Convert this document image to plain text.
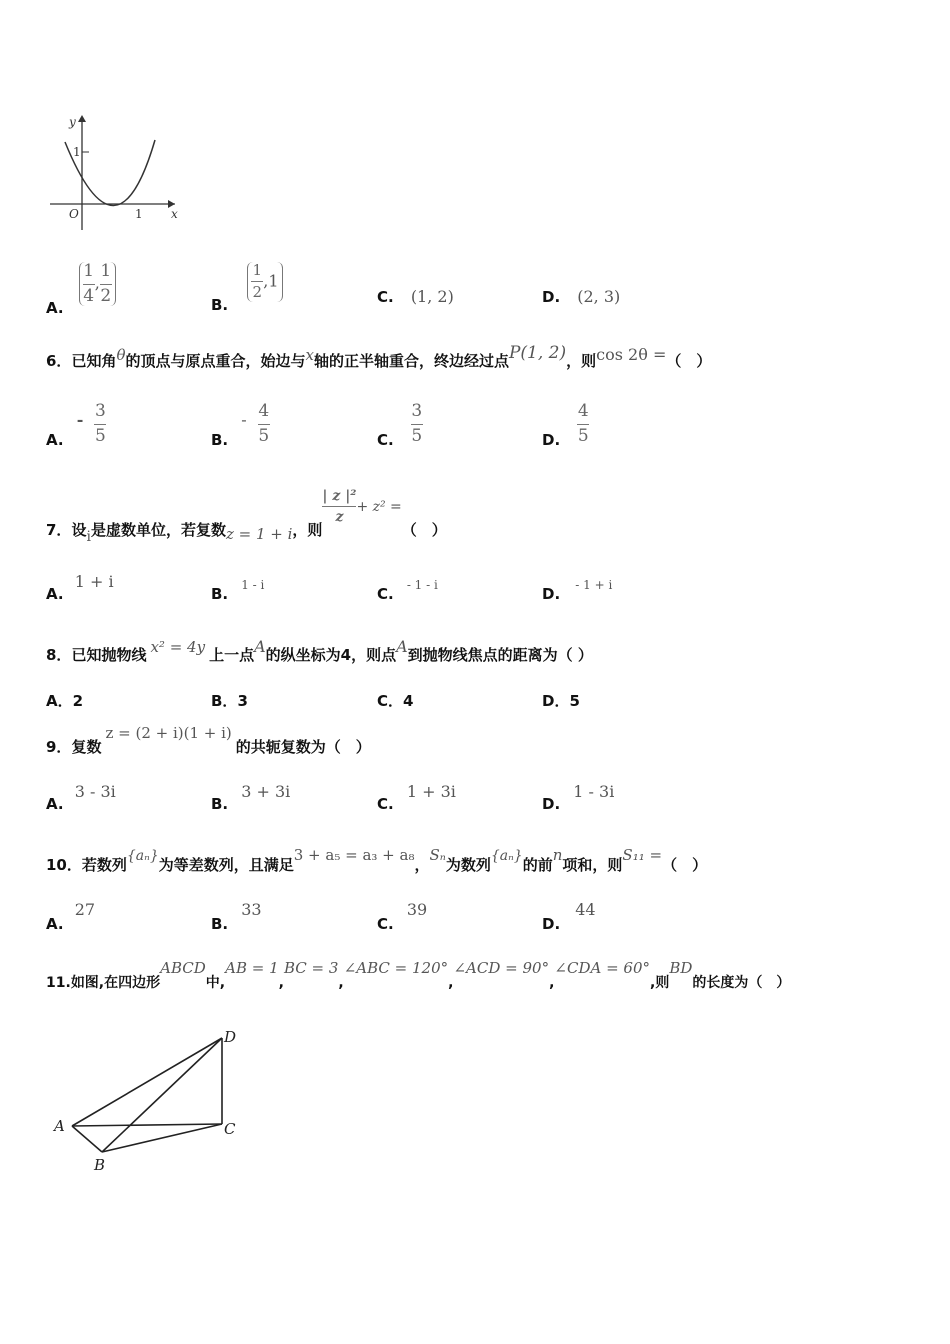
y
x
O	1
1
A.
$\frac{1}{4}$ , $\frac{1}{2}$	B.
$\frac{1}{2} ,1$
C. (1, 2)	D. (2, 3)
6．已知角θ的顶点与原点重合，始边与x轴的正半轴重合，终边经过点P(1, 2)，则cos 2θ =（　）
A. - $\frac{3}{5}$	B. - $\frac{4}{5}$	C. $\frac{3}{5}$	D. $\frac{4}{5}$
7．设i是虚数单位，若复数z = 1 + i，则
$\frac{\text{| z |²}}{z} + z^2$ =（　）
A. 1 + i
B. 1 - i	C. - 1 - i	D. - 1 + i
8．已知抛物线 x² = 4y 上一点A的纵坐标为4，则点A到抛物线焦点的距离为（ ）
A．2	B．3	C．4	D．5
9．复数z = (2 + i)(1 + i)的共轭复数为（　）
A. 3 - 3i
B. 3 + 3i
C. 1 + 3i
D. 1 - 3i
10．若数列{aₙ}为等差数列，且满足3 + a₅ = a₃ + a₈，Sₙ为数列{aₙ}的前n项和，则S₁₁ =（　）
A. 27
B. 33
C. 39
D. 44
11.如图,在四边形ABCD中,AB = 1,BC = 3,∠ABC = 120°,∠ACD = 90°,∠CDA = 60°,则BD的长度为（　）
A
B
C
D
